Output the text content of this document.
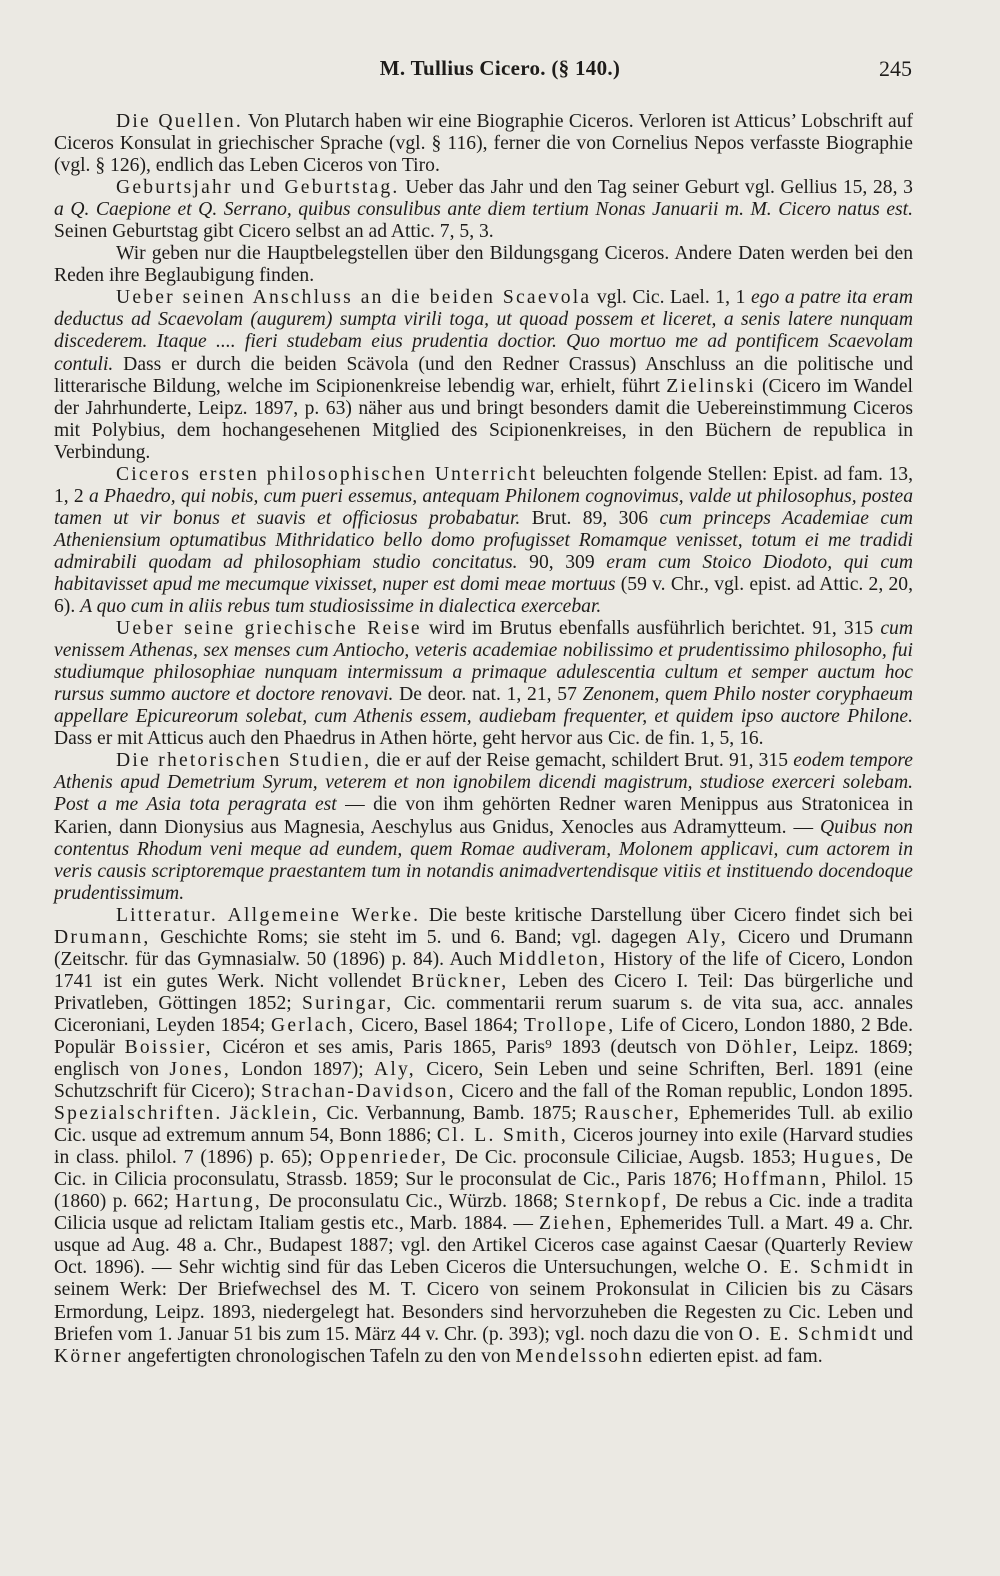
M. Tullius Cicero. (§ 140.)	245

Die Quellen. Von Plutarch haben wir eine Biographie Ciceros. Verloren ist Atticus’ Lobschrift auf Ciceros Konsulat in griechischer Sprache (vgl. § 116), ferner die von Cornelius Nepos verfasste Biographie (vgl. § 126), endlich das Leben Ciceros von Tiro.

Geburtsjahr und Geburtstag. Ueber das Jahr und den Tag seiner Geburt vgl. Gellius 15, 28, 3 a Q. Caepione et Q. Serrano, quibus consulibus ante diem tertium Nonas Januarii m. M. Cicero natus est. Seinen Geburtstag gibt Cicero selbst an ad Attic. 7, 5, 3.

Wir geben nur die Hauptbelegstellen über den Bildungsgang Ciceros. Andere Daten werden bei den Reden ihre Beglaubigung finden.

Ueber seinen Anschluss an die beiden Scaevola vgl. Cic. Lael. 1, 1 ego a patre ita eram deductus ad Scaevolam (augurem) sumpta virili toga, ut quoad possem et liceret, a senis latere nunquam discederem. Itaque .... fieri studebam eius prudentia doctior. Quo mortuo me ad pontificem Scaevolam contuli. Dass er durch die beiden Scävola (und den Redner Crassus) Anschluss an die politische und litterarische Bildung, welche im Scipionenkreise lebendig war, erhielt, führt Zielinski (Cicero im Wandel der Jahrhunderte, Leipz. 1897, p. 63) näher aus und bringt besonders damit die Uebereinstimmung Ciceros mit Polybius, dem hochangesehenen Mitglied des Scipionenkreises, in den Büchern de republica in Verbindung.

Ciceros ersten philosophischen Unterricht beleuchten folgende Stellen: Epist. ad fam. 13, 1, 2 a Phaedro, qui nobis, cum pueri essemus, antequam Philonem cognovimus, valde ut philosophus, postea tamen ut vir bonus et suavis et officiosus probabatur. Brut. 89, 306 cum princeps Academiae cum Atheniensium optumatibus Mithridatico bello domo profugisset Romamque venisset, totum ei me tradidi admirabili quodam ad philosophiam studio concitatus. 90, 309 eram cum Stoico Diodoto, qui cum habitavisset apud me mecumque vixisset, nuper est domi meae mortuus (59 v. Chr., vgl. epist. ad Attic. 2, 20, 6). A quo cum in aliis rebus tum studiosissime in dialectica exercebar.

Ueber seine griechische Reise wird im Brutus ebenfalls ausführlich berichtet. 91, 315 cum venissem Athenas, sex menses cum Antiocho, veteris academiae nobilissimo et prudentissimo philosopho, fui studiumque philosophiae nunquam intermissum a primaque adulescentia cultum et semper auctum hoc rursus summo auctore et doctore renovavi. De deor. nat. 1, 21, 57 Zenonem, quem Philo noster coryphaeum appellare Epicureorum solebat, cum Athenis essem, audiebam frequenter, et quidem ipso auctore Philone. Dass er mit Atticus auch den Phaedrus in Athen hörte, geht hervor aus Cic. de fin. 1, 5, 16.

Die rhetorischen Studien, die er auf der Reise gemacht, schildert Brut. 91, 315 eodem tempore Athenis apud Demetrium Syrum, veterem et non ignobilem dicendi magistrum, studiose exerceri solebam. Post a me Asia tota peragrata est — die von ihm gehörten Redner waren Menippus aus Stratonicea in Karien, dann Dionysius aus Magnesia, Aeschylus aus Gnidus, Xenocles aus Adramytteum. — Quibus non contentus Rhodum veni meque ad eundem, quem Romae audiveram, Molonem applicavi, cum actorem in veris causis scriptoremque praestantem tum in notandis animadvertendisque vitiis et instituendo docendoque prudentissimum.

Litteratur. Allgemeine Werke. Die beste kritische Darstellung über Cicero findet sich bei Drumann, Geschichte Roms; sie steht im 5. und 6. Band; vgl. dagegen Aly, Cicero und Drumann (Zeitschr. für das Gymnasialw. 50 (1896) p. 84). Auch Middleton, History of the life of Cicero, London 1741 ist ein gutes Werk. Nicht vollendet Brückner, Leben des Cicero I. Teil: Das bürgerliche und Privatleben, Göttingen 1852; Suringar, Cic. commentarii rerum suarum s. de vita sua, acc. annales Ciceroniani, Leyden 1854; Gerlach, Cicero, Basel 1864; Trollope, Life of Cicero, London 1880, 2 Bde. Populär Boissier, Cicéron et ses amis, Paris 1865, Paris⁹ 1893 (deutsch von Döhler, Leipz. 1869; englisch von Jones, London 1897); Aly, Cicero, Sein Leben und seine Schriften, Berl. 1891 (eine Schutzschrift für Cicero); Strachan-Davidson, Cicero and the fall of the Roman republic, London 1895. Spezialschriften. Jäcklein, Cic. Verbannung, Bamb. 1875; Rauscher, Ephemerides Tull. ab exilio Cic. usque ad extremum annum 54, Bonn 1886; Cl. L. Smith, Ciceros journey into exile (Harvard studies in class. philol. 7 (1896) p. 65); Oppenrieder, De Cic. proconsule Ciliciae, Augsb. 1853; Hugues, De Cic. in Cilicia proconsulatu, Strassb. 1859; Sur le proconsulat de Cic., Paris 1876; Hoffmann, Philol. 15 (1860) p. 662; Hartung, De proconsulatu Cic., Würzb. 1868; Sternkopf, De rebus a Cic. inde a tradita Cilicia usque ad relictam Italiam gestis etc., Marb. 1884. — Ziehen, Ephemerides Tull. a Mart. 49 a. Chr. usque ad Aug. 48 a. Chr., Budapest 1887; vgl. den Artikel Ciceros case against Caesar (Quarterly Review Oct. 1896). — Sehr wichtig sind für das Leben Ciceros die Untersuchungen, welche O. E. Schmidt in seinem Werk: Der Briefwechsel des M. T. Cicero von seinem Prokonsulat in Cilicien bis zu Cäsars Ermordung, Leipz. 1893, niedergelegt hat. Besonders sind hervorzuheben die Regesten zu Cic. Leben und Briefen vom 1. Januar 51 bis zum 15. März 44 v. Chr. (p. 393); vgl. noch dazu die von O. E. Schmidt und Körner angefertigten chronologischen Tafeln zu den von Mendelssohn edierten epist. ad fam.
